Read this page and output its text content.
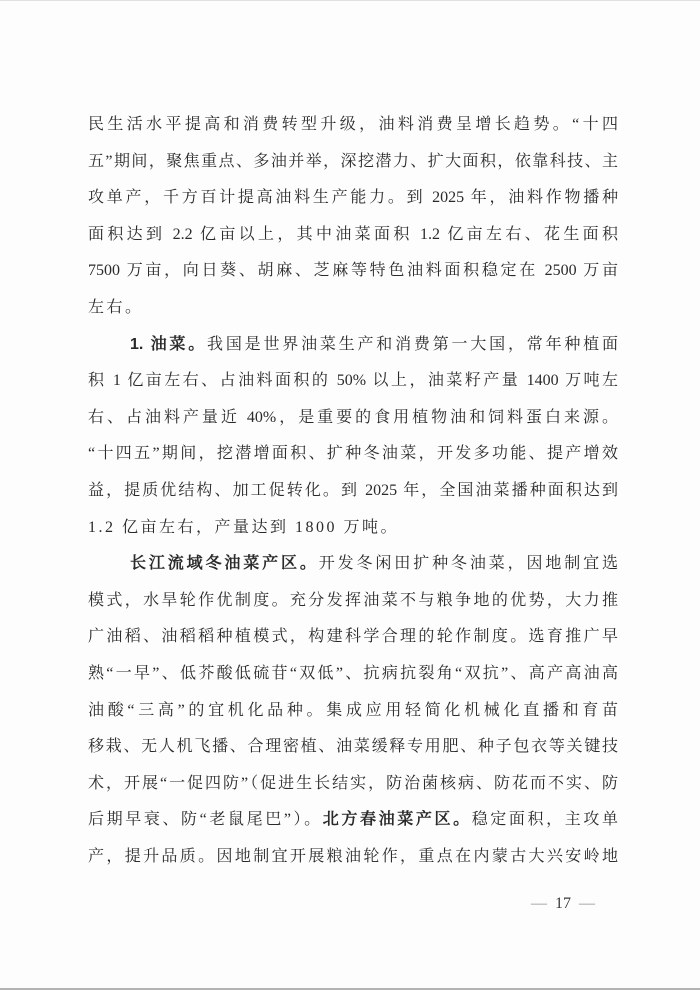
民生活水平提高和消费转型升级，油料消费呈增长趋势。“十四
五”期间，聚焦重点、多油并举，深挖潜力、扩大面积，依靠科技、主
攻单产，千方百计提高油料生产能力。到 2025 年，油料作物播种
面积达到 2.2 亿亩以上，其中油菜面积 1.2 亿亩左右、花生面积
7500 万亩，向日葵、胡麻、芝麻等特色油料面积稳定在 2500 万亩
左右。
1. 油菜。我国是世界油菜生产和消费第一大国，常年种植面
积 1 亿亩左右、占油料面积的 50% 以上，油菜籽产量 1400 万吨左
右、占油料产量近 40%，是重要的食用植物油和饲料蛋白来源。
“十四五”期间，挖潜增面积、扩种冬油菜，开发多功能、提产增效
益，提质优结构、加工促转化。到 2025 年，全国油菜播种面积达到
1.2 亿亩左右，产量达到 1800 万吨。
长江流域冬油菜产区。开发冬闲田扩种冬油菜，因地制宜选
模式，水旱轮作优制度。充分发挥油菜不与粮争地的优势，大力推
广油稻、油稻稻种植模式，构建科学合理的轮作制度。选育推广早
熟“一早”、低芥酸低硫苷“双低”、抗病抗裂角“双抗”、高产高油高
油酸“三高”的宜机化品种。集成应用轻简化机械化直播和育苗
移栽、无人机飞播、合理密植、油菜缓释专用肥、种子包衣等关键技
术，开展“一促四防”（促进生长结实，防治菌核病、防花而不实、防
后期早衰、防“老鼠尾巴”）。北方春油菜产区。稳定面积，主攻单
产，提升品质。因地制宜开展粮油轮作，重点在内蒙古大兴安岭地
— 17 —
